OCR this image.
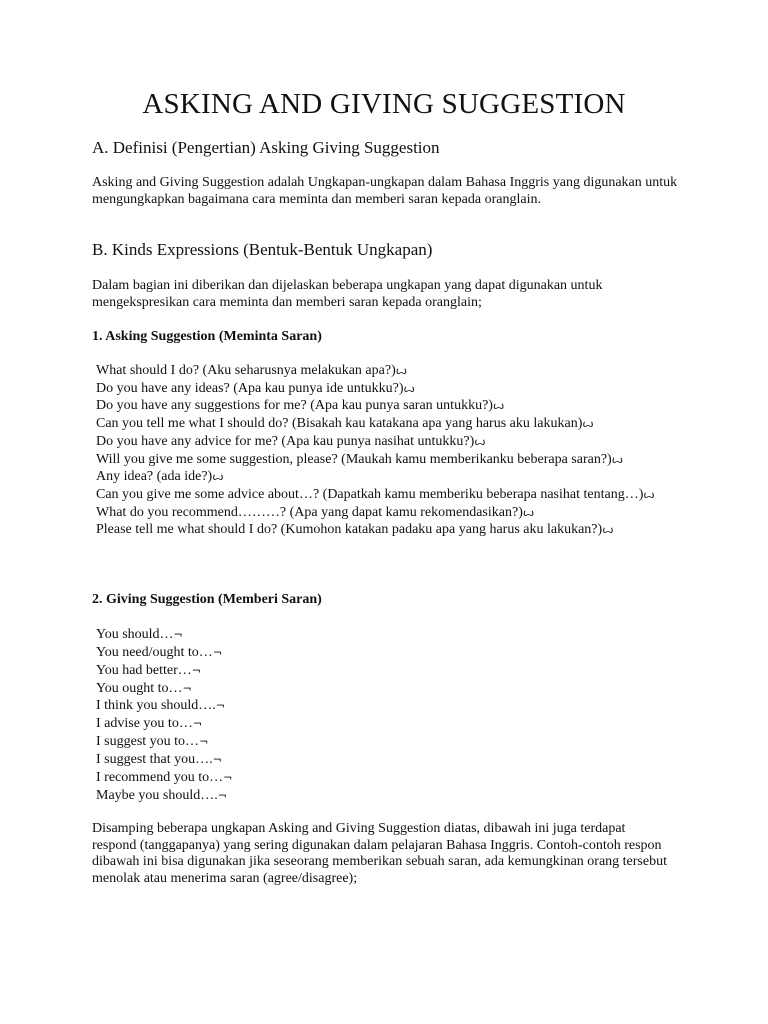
ASKING AND GIVING SUGGESTION
A. Definisi (Pengertian) Asking Giving Suggestion

Asking and Giving Suggestion adalah Ungkapan-ungkapan dalam Bahasa Inggris yang digunakan untuk mengungkapkan bagaimana cara meminta dan memberi saran kepada oranglain.

B. Kinds Expressions (Bentuk-Bentuk Ungkapan)

Dalam bagian ini diberikan dan dijelaskan beberapa ungkapan yang dapat digunakan untuk mengekspresikan cara meminta dan memberi saran kepada oranglain;

1. Asking Suggestion (Meminta Saran)
What should I do? (Aku seharusnya melakukan apa?)ꙍ
Do you have any ideas? (Apa kau punya ide untukku?)ꙍ
Do you have any suggestions for me? (Apa kau punya saran untukku?)ꙍ
Can you tell me what I should do? (Bisakah kau katakana apa yang harus aku lakukan)ꙍ
Do you have any advice for me? (Apa kau punya nasihat untukku?)ꙍ
Will you give me some suggestion, please? (Maukah kamu memberikanku beberapa saran?)ꙍ
Any idea? (ada ide?)ꙍ
Can you give me some advice about…? (Dapatkah kamu memberiku beberapa nasihat tentang…)ꙍ
What do you recommend………? (Apa yang dapat kamu rekomendasikan?)ꙍ
Please tell me what should I do? (Kumohon katakan padaku apa yang harus aku lakukan?)ꙍ
2. Giving Suggestion (Memberi Saran)
You should…¬
You need/ought to…¬
You had better…¬
You ought to…¬
I think you should….¬
I advise you to…¬
I suggest you to…¬
I suggest that you….¬
I recommend you to…¬
Maybe you should….¬

Disamping beberapa ungkapan Asking and Giving Suggestion diatas, dibawah ini juga terdapat respond (tanggapanya) yang sering digunakan dalam pelajaran Bahasa Inggris. Contoh-contoh respon dibawah ini bisa digunakan jika seseorang memberikan sebuah saran, ada kemungkinan orang tersebut menolak atau menerima saran (agree/disagree);
